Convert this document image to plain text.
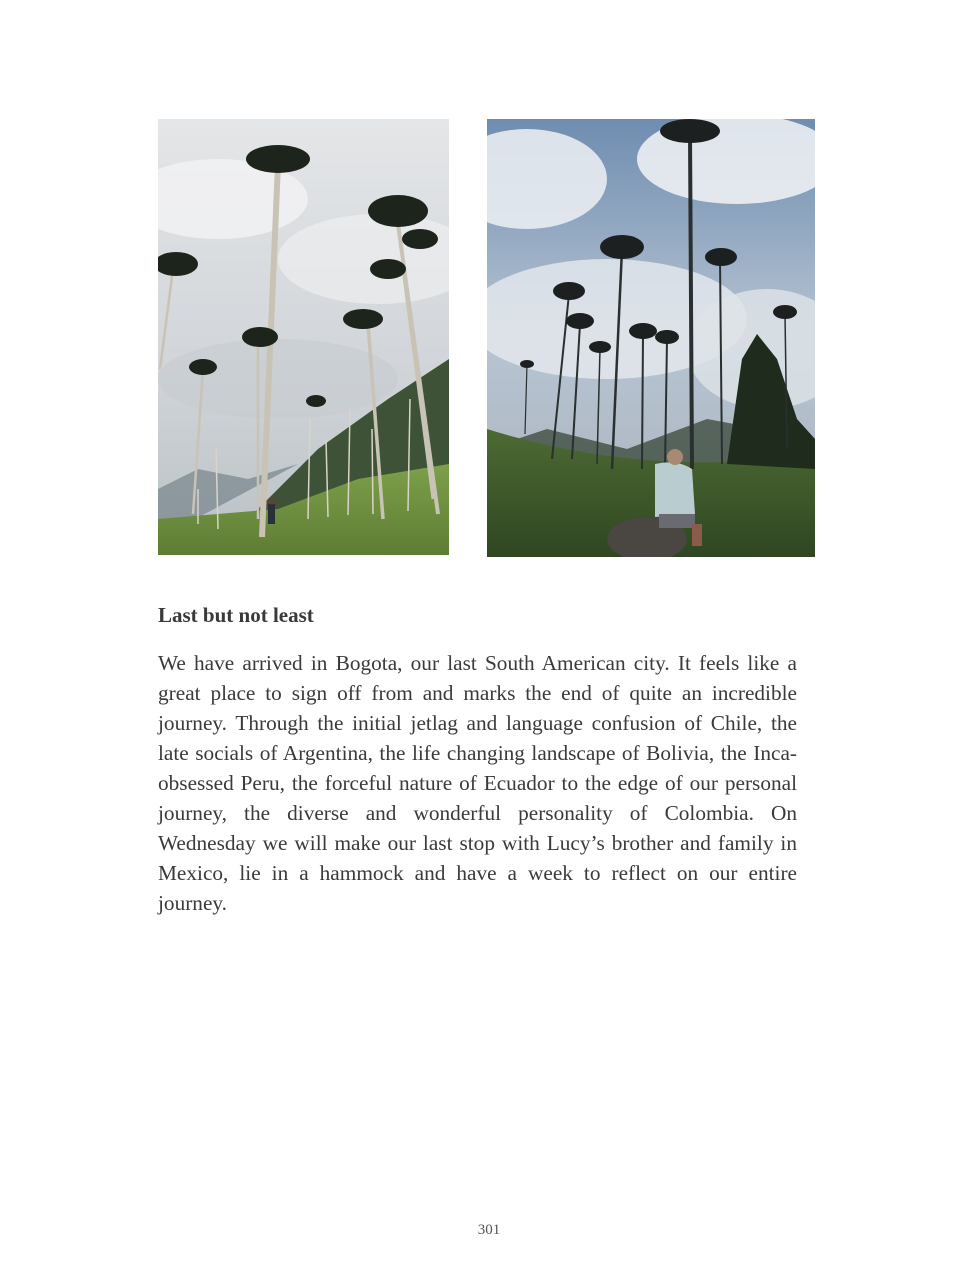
Last but not least

We have arrived in Bogota, our last South American city. It feels like a great place to sign off from and marks the end of quite an incredible journey. Through the initial jetlag and language confusion of Chile, the late socials of Argentina, the life changing landscape of Bolivia, the Inca-obsessed Peru, the forceful nature of Ecuador to the edge of our personal journey, the diverse and wonderful personality of Colombia. On Wednesday we will make our last stop with Lucy’s brother and family in Mexico, lie in a hammock and have a week to reflect on our entire journey.

301
